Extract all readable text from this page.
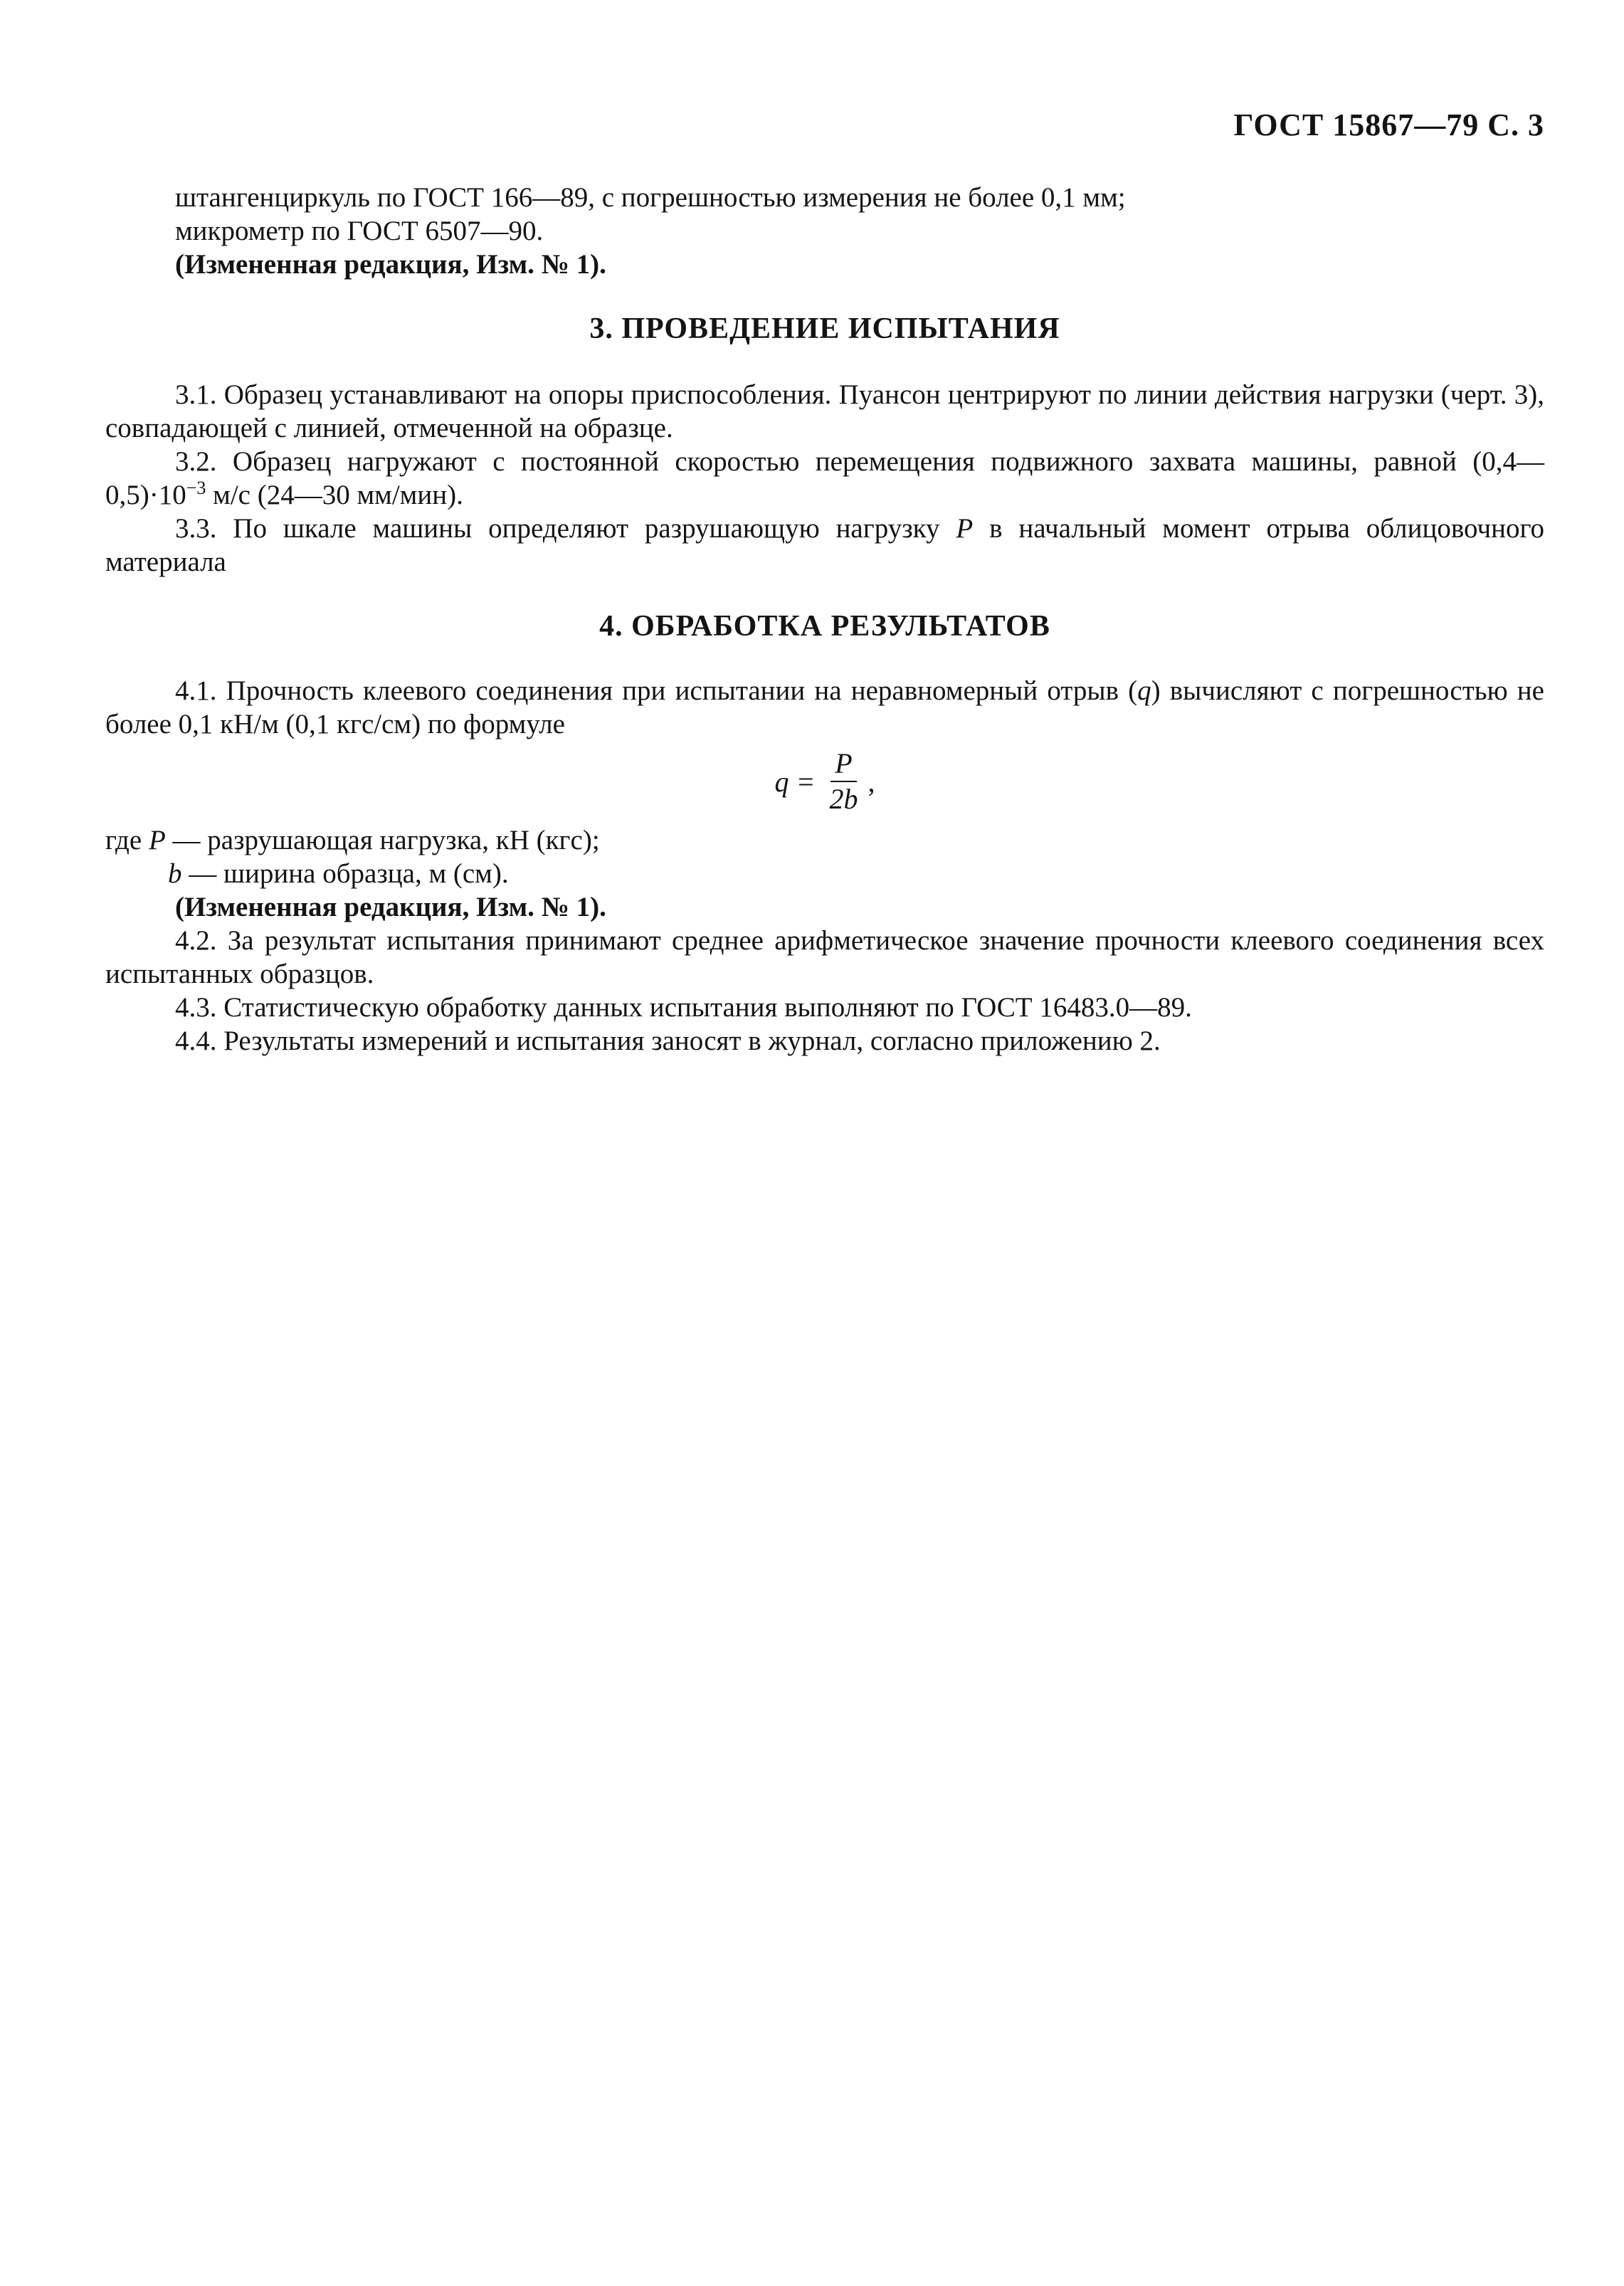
ГОСТ 15867—79 С. 3

штангенциркуль по ГОСТ 166—89, с погрешностью измерения не более 0,1 мм;

микрометр по ГОСТ 6507—90.

(Измененная редакция, Изм. № 1).

3. ПРОВЕДЕНИЕ ИСПЫТАНИЯ

3.1. Образец устанавливают на опоры приспособления. Пуансон центрируют по линии действия нагрузки (черт. 3), совпадающей с линией, отмеченной на образце.

3.2. Образец нагружают с постоянной скоростью перемещения подвижного захвата машины, равной $(0,4—0,5)\cdot 10^{-3}$ м/с (24—30 мм/мин).

3.3. По шкале машины определяют разрушающую нагрузку P в начальный момент отрыва облицовочного материала

4. ОБРАБОТКА РЕЗУЛЬТАТОВ

4.1. Прочность клеевого соединения при испытании на неравномерный отрыв (q) вычисляют с погрешностью не более 0,1 кН/м (0,1 кгс/см) по формуле

$q = \frac{P}{2b}$ ,

где P — разрушающая нагрузка, кН (кгс);

b — ширина образца, м (см).

(Измененная редакция, Изм. № 1).

4.2. За результат испытания принимают среднее арифметическое значение прочности клеевого соединения всех испытанных образцов.

4.3. Статистическую обработку данных испытания выполняют по ГОСТ 16483.0—89.

4.4. Результаты измерений и испытания заносят в журнал, согласно приложению 2.
